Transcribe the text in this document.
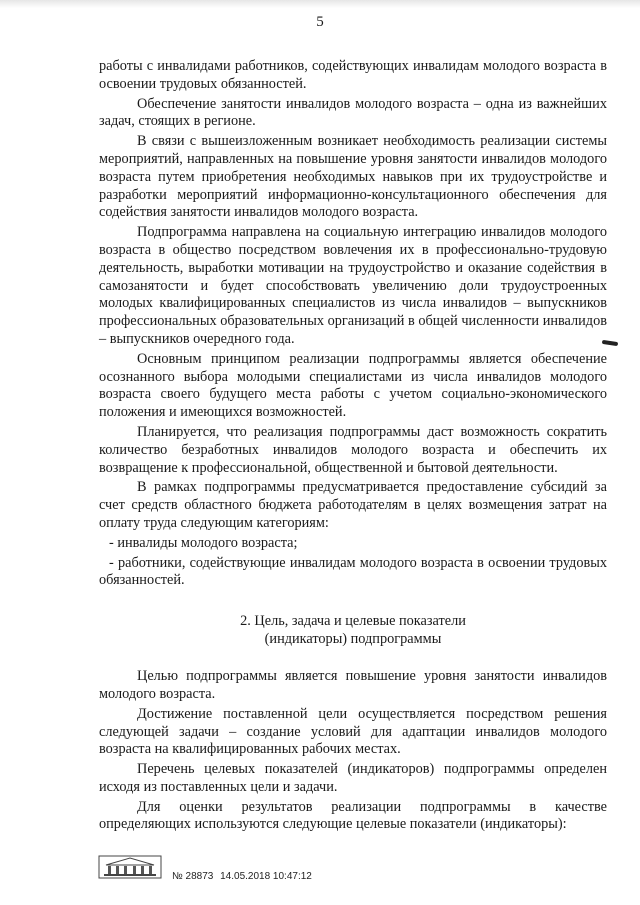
5

работы с инвалидами работников, содействующих инвалидам молодого возраста в освоении трудовых обязанностей.

Обеспечение занятости инвалидов молодого возраста – одна из важнейших задач, стоящих в регионе.

В связи с вышеизложенным возникает необходимость реализации системы мероприятий, направленных на повышение уровня занятости инвалидов молодого возраста путем приобретения необходимых навыков при их трудоустройстве и разработки мероприятий информационно-консультационного обеспечения для содействия занятости инвалидов молодого возраста.

Подпрограмма направлена на социальную интеграцию инвалидов молодого возраста в общество посредством вовлечения их в профессионально-трудовую деятельность, выработки мотивации на трудоустройство и оказание содействия в самозанятости и будет способствовать увеличению доли трудоустроенных молодых квалифицированных специалистов из числа инвалидов – выпускников профессиональных образовательных организаций в общей численности инвалидов – выпускников очередного года.

Основным принципом реализации подпрограммы является обеспечение осознанного выбора молодыми специалистами из числа инвалидов молодого возраста своего будущего места работы с учетом социально-экономического положения и имеющихся возможностей.

Планируется, что реализация подпрограммы даст возможность сократить количество безработных инвалидов молодого возраста и обеспечить их возвращение к профессиональной, общественной и бытовой деятельности.

В рамках подпрограммы предусматривается предоставление субсидий за счет средств областного бюджета работодателям в целях возмещения затрат на оплату труда следующим категориям:

- инвалиды молодого возраста;

- работники, содействующие инвалидам молодого возраста в освоении трудовых обязанностей.

2. Цель, задача и целевые показатели
(индикаторы) подпрограммы

Целью подпрограммы является повышение уровня занятости инвалидов молодого возраста.

Достижение поставленной цели осуществляется посредством решения следующей задачи – создание условий для адаптации инвалидов молодого возраста на квалифицированных рабочих местах.

Перечень целевых показателей (индикаторов) подпрограммы определен исходя из поставленных цели и задачи.

Для оценки результатов реализации подпрограммы в качестве определяющих используются следующие целевые показатели (индикаторы):

№ 28873 14.05.2018 10:47:12
